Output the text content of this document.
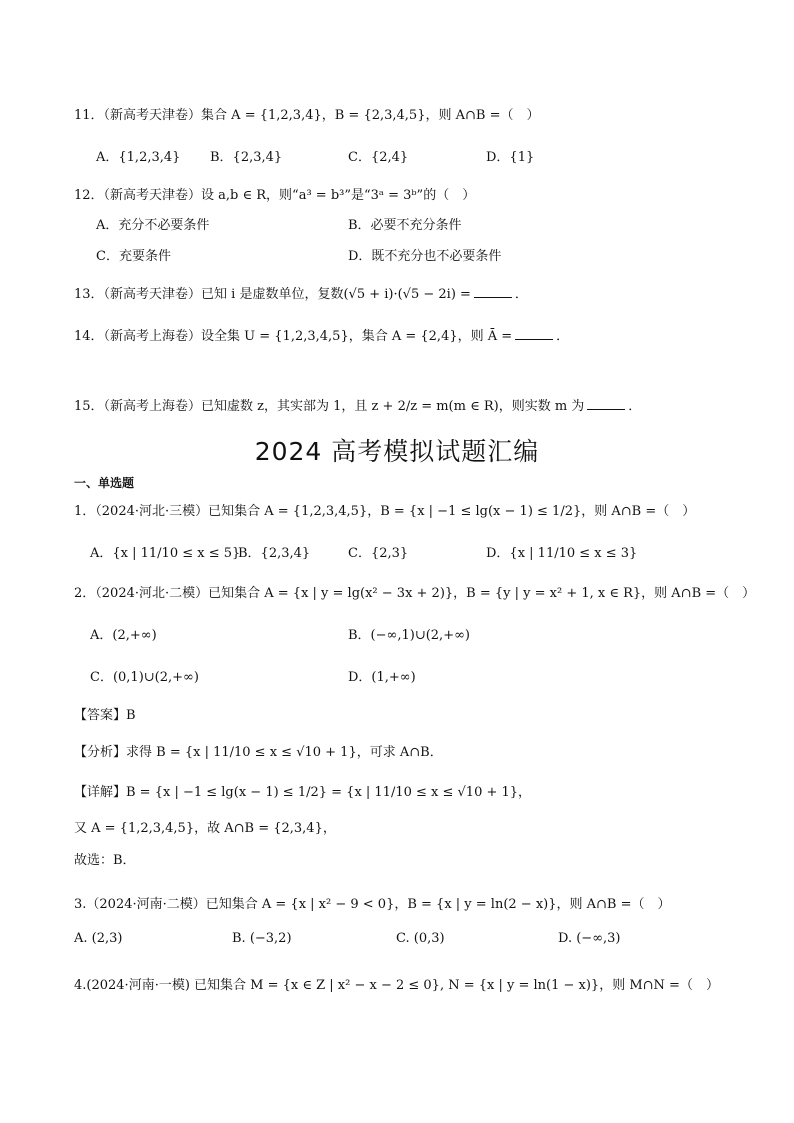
11．（新高考天津卷）集合 A = {1,2,3,4}，B = {2,3,4,5}，则 A∩B =（　）
A．{1,2,3,4} B．{2,3,4}	C．{2,4}	D．{1}
12．（新高考天津卷）设 a,b ∈ R，则“a³ = b³”是“3ᵃ = 3ᵇ”的（　）
A．充分不必要条件	B．必要不充分条件
C．充要条件	D．既不充分也不必要条件
13．（新高考天津卷）已知 i 是虚数单位，复数(√5 + i)·(√5 − 2i) =	．
14．（新高考上海卷）设全集 U = {1,2,3,4,5}，集合 A = {2,4}，则 Ā =	．
15．（新高考上海卷）已知虚数 z，其实部为 1，且 z + 2/z = m(m ∈ R)，则实数 m 为	．
2024 高考模拟试题汇编
一、单选题
1．（2024·河北·三模）已知集合 A = {1,2,3,4,5}，B = {x | −1 ≤ lg(x − 1) ≤ 1/2}，则 A∩B =（　）
A．{x | 11/10 ≤ x ≤ 5}
B．{2,3,4}	C．{2,3}	D．{x | 11/10 ≤ x ≤ 3}
2．（2024·河北·二模）已知集合 A = {x | y = lg(x² − 3x + 2)}，B = {y | y = x² + 1, x ∈ R}，则 A∩B =（　）
A．(2,+∞)	B．(−∞,1)∪(2,+∞)
C．(0,1)∪(2,+∞)	D．(1,+∞)
【答案】B
【分析】求得 B = {x | 11/10 ≤ x ≤ √10 + 1}，可求 A∩B．
【详解】B = {x | −1 ≤ lg(x − 1) ≤ 1/2} = {x | 11/10 ≤ x ≤ √10 + 1}，
又 A = {1,2,3,4,5}，故 A∩B = {2,3,4}，
故选：B．
3.（2024·河南·二模）已知集合 A = {x | x² − 9 < 0}，B = {x | y = ln(2 − x)}，则 A∩B =（　）
A. (2,3)	B. (−3,2)	C. (0,3)	D. (−∞,3)
4.(2024·河南·一模) 已知集合 M = {x ∈ Z | x² − x − 2 ≤ 0}, N = {x | y = ln(1 − x)}，则 M∩N =（　）
